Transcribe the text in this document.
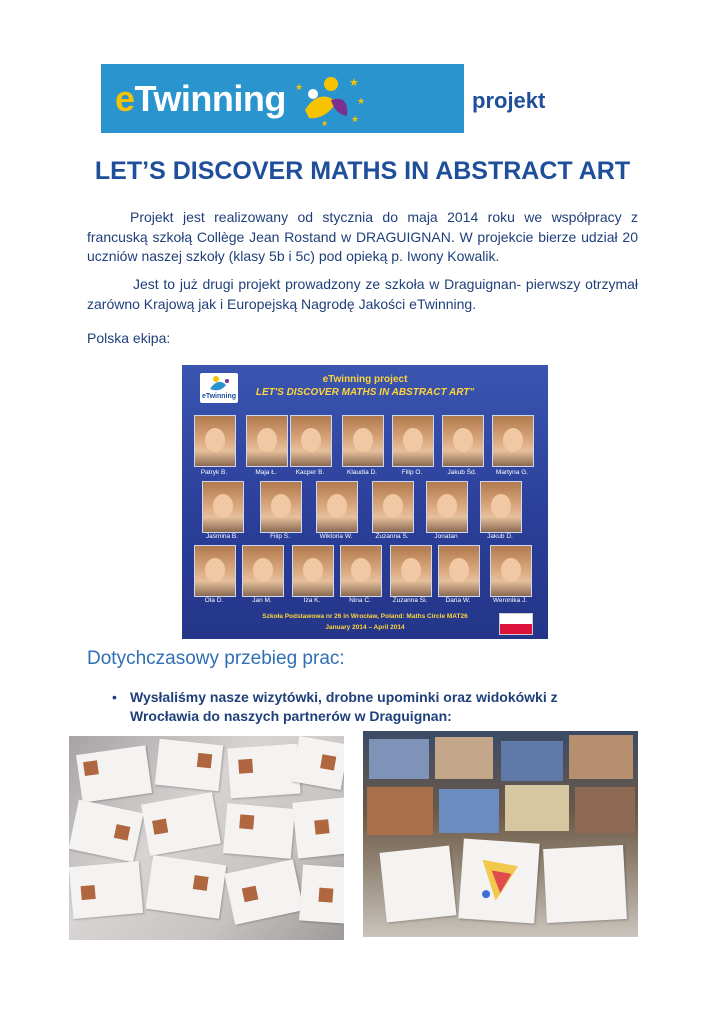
eTwinning	★
★
★
★
★
projekt
LET’S DISCOVER MATHS IN ABSTRACT ART
Projekt jest realizowany od stycznia do maja 2014 roku we współpracy z francuską szkołą Collège Jean Rostand w DRAGUIGNAN. W projekcie bierze udział 20 uczniów naszej szkoły (klasy 5b i 5c) pod opieką p. Iwony Kowalik.
Jest to już drugi projekt prowadzony ze szkoła w Draguignan- pierwszy otrzymał zarówno Krajową jak i Europejską Nagrodę Jakości eTwinning.
Polska ekipa:
eTwinning
eTwinning project
LET'S DISCOVER MATHS IN ABSTRACT ART"
Patryk B.	Maja Ł.	Kacper B.	Klaudia D.	Filip O.	Jakub Śd.	Martyna G.
Jaśmina B.	Filip S.	Wiktoria W.	Zuzanna S.	Jonatan	Jakub D.
Ola D.	Jan M.	Iza K.	Nina C.	Zuzanna Si.	Daria W.	Weronika J.
Szkoła Podstawowa nr 26 in Wrocław, Poland: Maths Circle MAT26
January 2014 – April 2014
Dotychczasowy przebieg prac:
• Wysłaliśmy nasze wizytówki, drobne upominki oraz widokówki z Wrocławia do naszych partnerów w Draguignan:
